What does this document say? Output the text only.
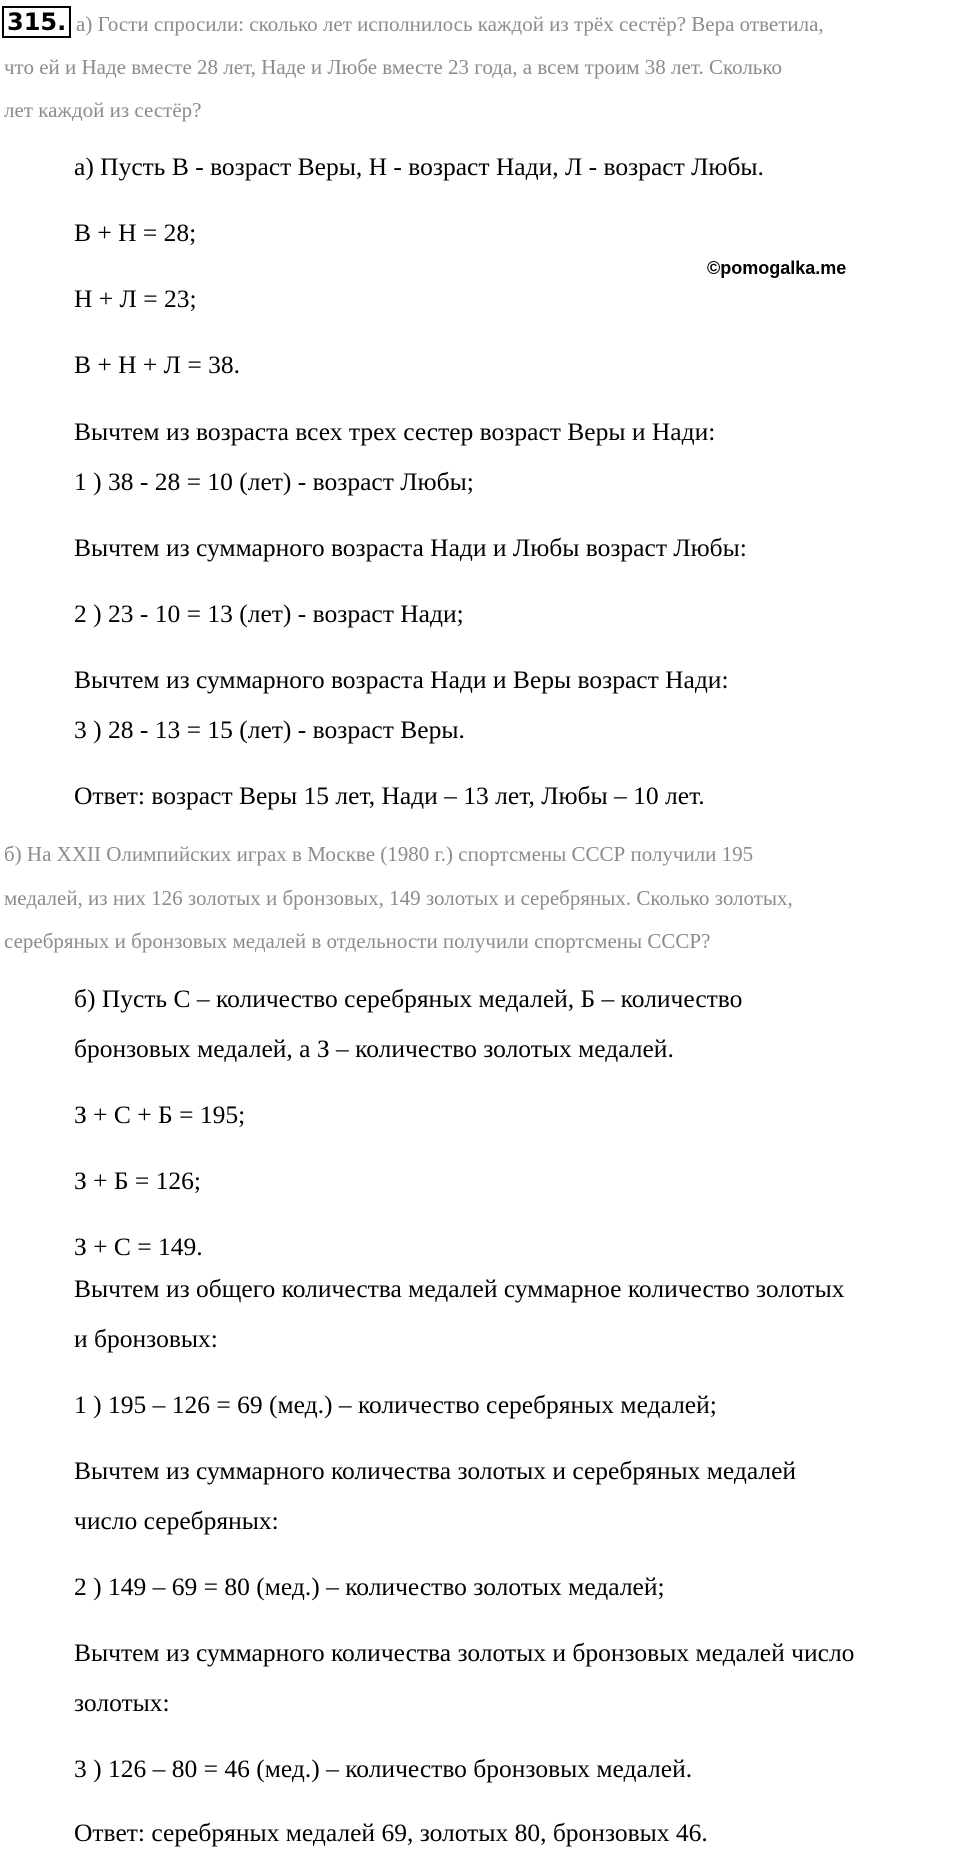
315. а) Гости спросили: сколько лет исполнилось каждой из трёх сестёр? Вера ответила,

что ей и Наде вместе 28 лет, Наде и Любе вместе 23 года, а всем троим 38 лет. Сколько

лет каждой из сестёр?

©pomogalka.me

а) Пусть В - возраст Веры, Н - возраст Нади, Л - возраст Любы.

В + Н = 28;

Н + Л = 23;

В + Н + Л = 38.

Вычтем из возраста всех трех сестер возраст Веры и Нади:

1 ) 38 - 28 = 10 (лет) - возраст Любы;

Вычтем из суммарного возраста Нади и Любы возраст Любы:

2 ) 23 - 10 = 13 (лет) - возраст Нади;

Вычтем из суммарного возраста Нади и Веры возраст Нади:

3 ) 28 - 13 = 15 (лет) - возраст Веры.

Ответ: возраст Веры 15 лет, Нади – 13 лет, Любы – 10 лет.

б) На XXII Олимпийских играх в Москве (1980 г.) спортсмены СССР получили 195

медалей, из них 126 золотых и бронзовых, 149 золотых и серебряных. Сколько золотых,

серебряных и бронзовых медалей в отдельности получили спортсмены СССР?

б) Пусть С – количество серебряных медалей, Б – количество

бронзовых медалей, а З – количество золотых медалей.

З + С + Б = 195;

З + Б = 126;

З + С = 149.

Вычтем из общего количества медалей суммарное количество золотых

и бронзовых:

1 ) 195 – 126 = 69 (мед.) – количество серебряных медалей;

Вычтем из суммарного количества золотых и серебряных медалей

число серебряных:

2 ) 149 – 69 = 80 (мед.) – количество золотых медалей;

Вычтем из суммарного количества золотых и бронзовых медалей число

золотых:

3 ) 126 – 80 = 46 (мед.) – количество бронзовых медалей.

Ответ: серебряных медалей 69, золотых 80, бронзовых 46.
